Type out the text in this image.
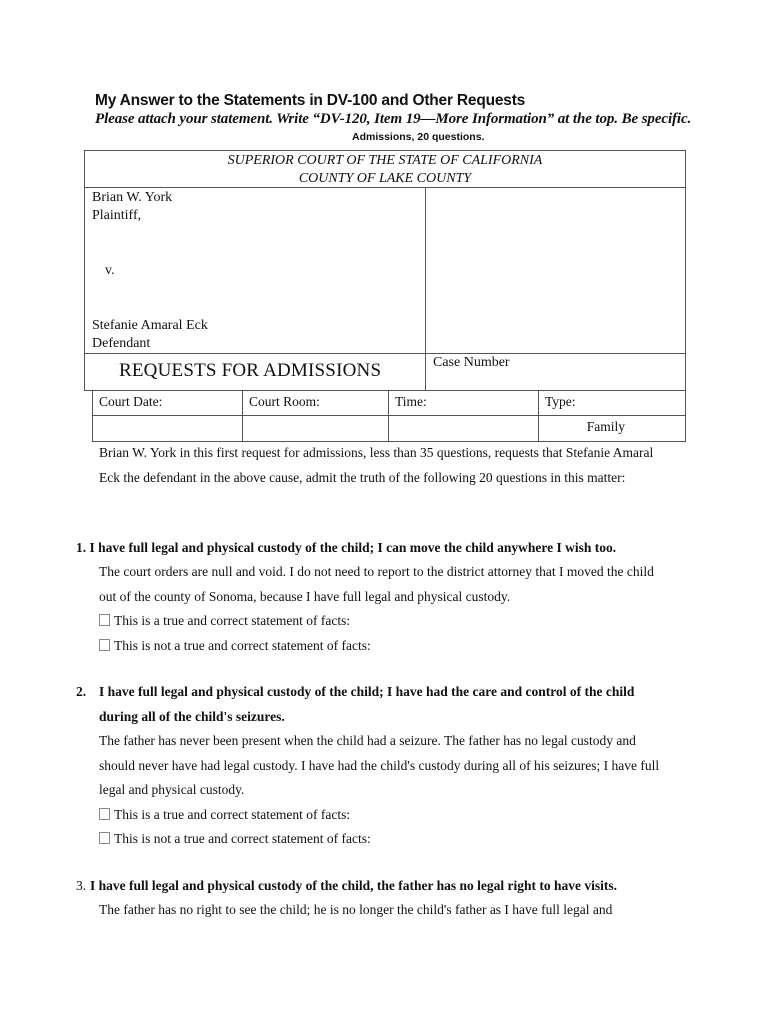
My Answer to the Statements in DV-100 and Other Requests
Please attach your statement. Write “DV-120, Item 19—More Information” at the top. Be specific.
Admissions, 20 questions.
SUPERIOR COURT OF THE STATE OF CALIFORNIA
COUNTY OF LAKE COUNTY
Brian W. York
Plaintiff,
v.
Stefanie Amaral Eck
Defendant
REQUESTS FOR ADMISSIONS	Case Number
Court Date:	Court Room:	Time:	Type:
			Family
Brian W. York in this first request for admissions, less than 35 questions, requests that Stefanie Amaral Eck the defendant in the above cause, admit the truth of the following 20 questions in this matter:
1. I have full legal and physical custody of the child; I can move the child anywhere I wish too.
The court orders are null and void. I do not need to report to the district attorney that I moved the child out of the county of Sonoma, because I have full legal and physical custody.
This is a true and correct statement of facts:
This is not a true and correct statement of facts:
2. I have full legal and physical custody of the child; I have had the care and control of the child
during all of the child's seizures.
The father has never been present when the child had a seizure. The father has no legal custody and should never have had legal custody. I have had the child's custody during all of his seizures; I have full legal and physical custody.
This is a true and correct statement of facts:
This is not a true and correct statement of facts:
3. I have full legal and physical custody of the child, the father has no legal right to have visits.
The father has no right to see the child; he is no longer the child's father as I have full legal and
